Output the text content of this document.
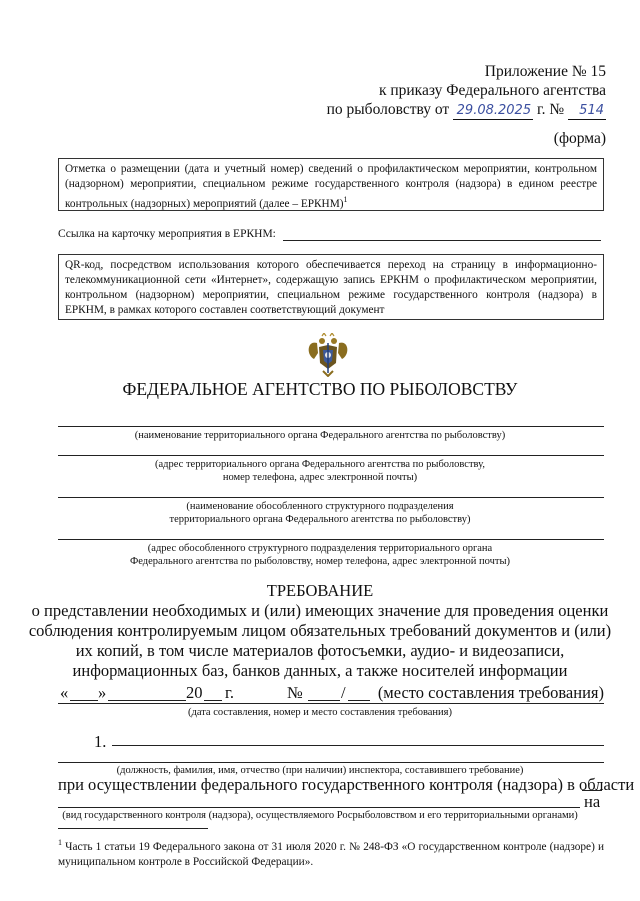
Приложение № 15
к приказу Федерального агентства
по рыболовству от 29.08.2025 г. № 514
(форма)
Отметка о размещении (дата и учетный номер) сведений о профилактическом мероприятии, контрольном (надзорном) мероприятии, специальном режиме государственного контроля (надзора) в едином реестре контрольных (надзорных) мероприятий (далее – ЕРКНМ)$^1$
Ссылка на карточку мероприятия в ЕРКНМ:
QR-код, посредством использования которого обеспечивается переход на страницу в информационно-телекоммуникационной сети «Интернет», содержащую запись ЕРКНМ о профилактическом мероприятии, контрольном (надзорном) мероприятии, специальном режиме государственного контроля (надзора) в ЕРКНМ, в рамках которого составлен соответствующий документ
ФЕДЕРАЛЬНОЕ АГЕНТСТВО ПО РЫБОЛОВСТВУ
(наименование территориального органа Федерального агентства по рыболовству)
(адрес территориального органа Федерального агентства по рыболовству,
номер телефона, адрес электронной почты)
(наименование обособленного структурного подразделения
территориального органа Федерального агентства по рыболовству)
(адрес обособленного структурного подразделения территориального органа
Федерального агентства по рыболовству, номер телефона, адрес электронной почты)
ТРЕБОВАНИЕ
о представлении необходимых и (или) имеющих значение для проведения оценки
соблюдения контролируемым лицом обязательных требований документов и (или)
их копий, в том числе материалов фотосъемки, аудио- и видеозаписи,
информационных баз, банков данных, а также носителей информации
« »	20 г.	№ / (место составления требования)
(дата составления, номер и место составления требования)
1.
(должность, фамилия, имя, отчество (при наличии) инспектора, составившего требование)
при осуществлении федерального государственного контроля (надзора) в области
на
(вид государственного контроля (надзора), осуществляемого Росрыболовством и его территориальными органами)
$^1$ Часть 1 статьи 19 Федерального закона от 31 июля 2020 г. № 248-ФЗ «О государственном контроле (надзоре) и муниципальном контроле в Российской Федерации».
